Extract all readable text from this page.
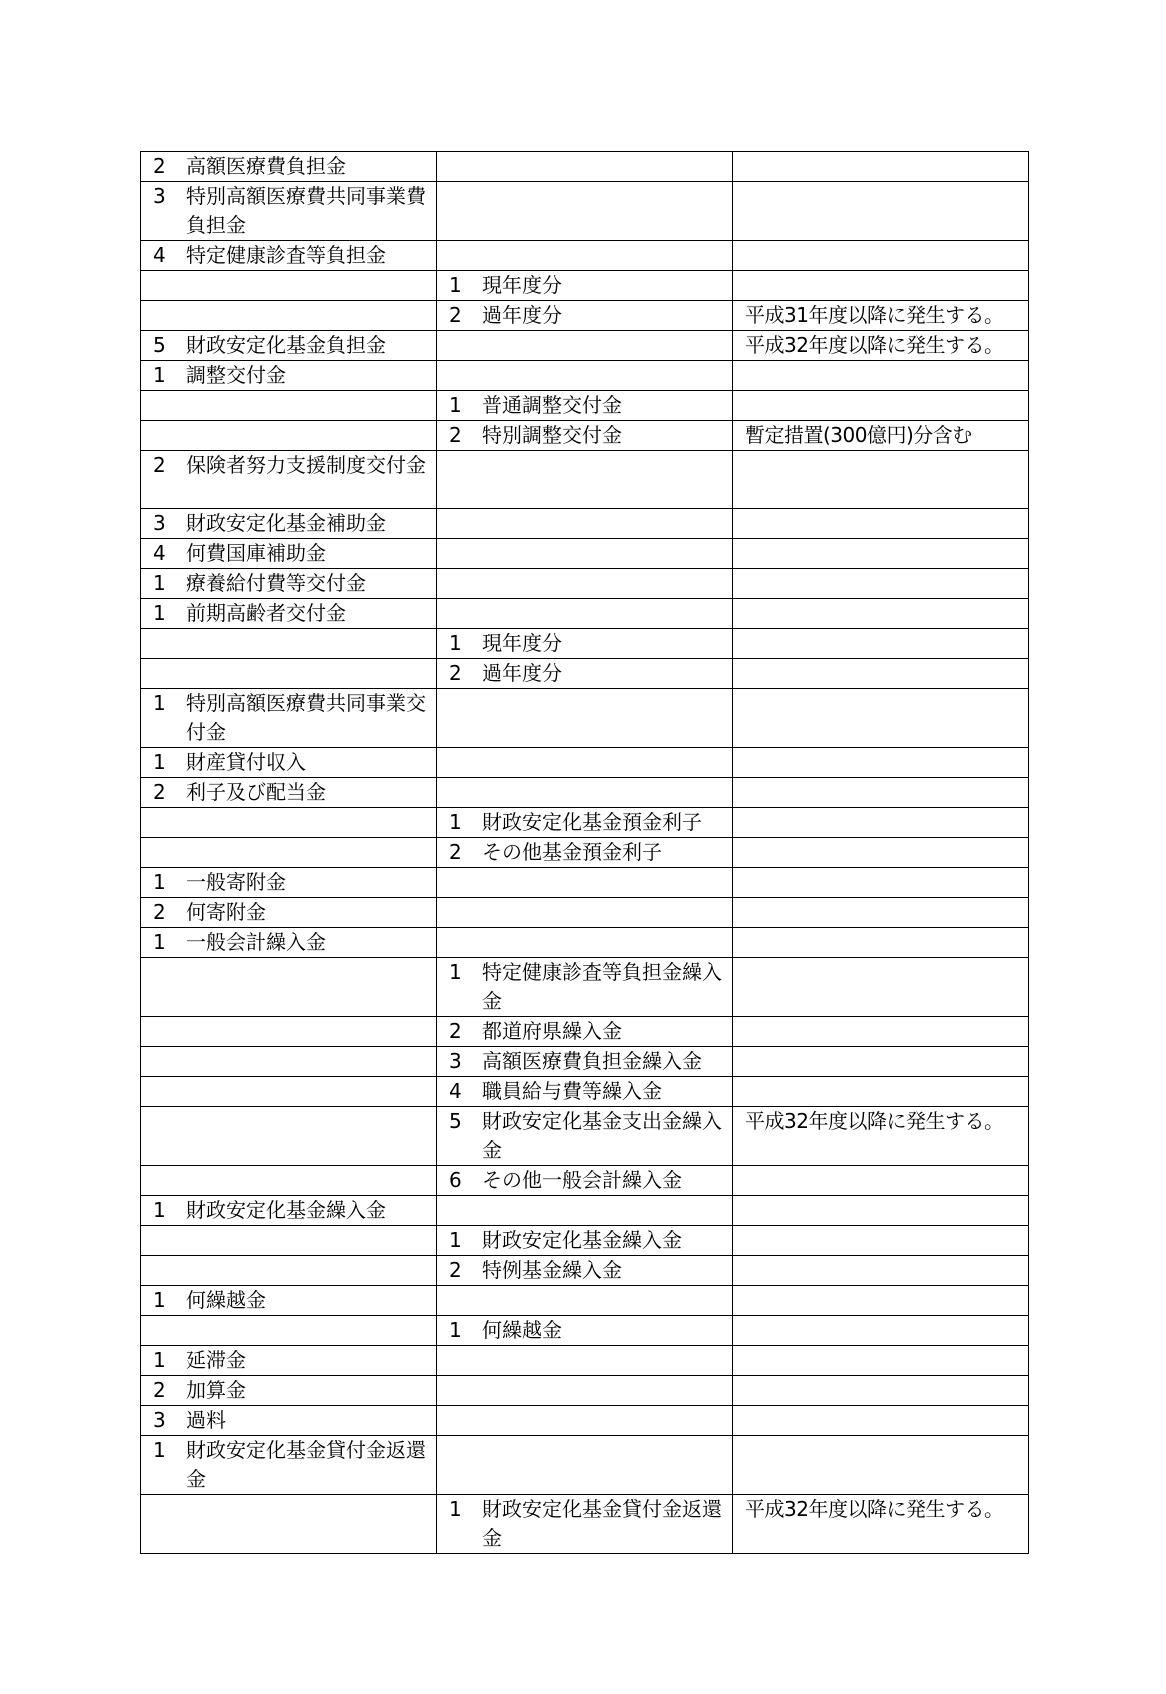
2 高額医療費負担金		

3 特別高額医療費共同事業費負担金		

4 特定健康診査等負担金		

	1 現年度分	

	2 過年度分	平成31年度以降に発生する。

5 財政安定化基金負担金		平成32年度以降に発生する。

1 調整交付金		

	1 普通調整交付金	

	2 特別調整交付金	暫定措置(300億円)分含む

2 保険者努力支援制度交付金		

3 財政安定化基金補助金		

4 何費国庫補助金		

1 療養給付費等交付金		

1 前期高齢者交付金		

	1 現年度分	

	2 過年度分	

1 特別高額医療費共同事業交付金		

1 財産貸付収入		

2 利子及び配当金		

	1 財政安定化基金預金利子	

	2 その他基金預金利子	

1 一般寄附金		

2 何寄附金		

1 一般会計繰入金		

	1 特定健康診査等負担金繰入金	

	2 都道府県繰入金	

	3 高額医療費負担金繰入金	

	4 職員給与費等繰入金	

	5 財政安定化基金支出金繰入金	平成32年度以降に発生する。

	6 その他一般会計繰入金	

1 財政安定化基金繰入金		

	1 財政安定化基金繰入金	

	2 特例基金繰入金	

1 何繰越金		

	1 何繰越金	

1 延滞金		

2 加算金		

3 過料		

1 財政安定化基金貸付金返還金		

	1 財政安定化基金貸付金返還金	平成32年度以降に発生する。
